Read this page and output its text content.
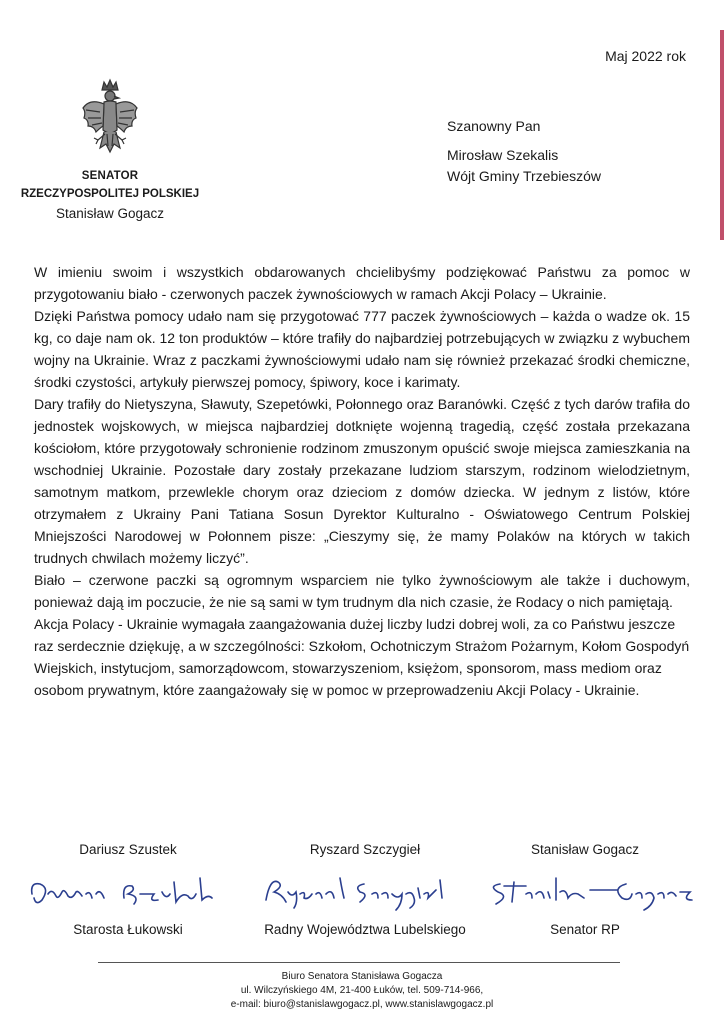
Maj 2022 rok
SENATOR
RZECZYPOSPOLITEJ POLSKIEJ
Stanisław Gogacz
Szanowny Pan
Mirosław Szekalis
Wójt Gminy Trzebieszów

W imieniu swoim i wszystkich obdarowanych chcielibyśmy podziękować Państwu za pomoc w przygotowaniu biało - czerwonych paczek żywnościowych w ramach Akcji Polacy – Ukrainie.

Dzięki Państwa pomocy udało nam się przygotować 777 paczek żywnościowych – każda o wadze ok. 15 kg, co daje nam ok. 12 ton produktów – które trafiły do najbardziej potrzebujących w związku z wybuchem wojny na Ukrainie. Wraz z paczkami żywnościowymi udało nam się również przekazać środki chemiczne, środki czystości, artykuły pierwszej pomocy, śpiwory, koce i karimaty.

Dary trafiły do Nietyszyna, Sławuty, Szepetówki, Połonnego oraz Baranówki. Część z tych darów trafiła do jednostek wojskowych, w miejsca najbardziej dotknięte wojenną tragedią, część została przekazana kościołom, które przygotowały schronienie rodzinom zmuszonym opuścić swoje miejsca zamieszkania na wschodniej Ukrainie. Pozostałe dary zostały przekazane ludziom starszym, rodzinom wielodzietnym, samotnym matkom, przewlekle chorym oraz dzieciom z domów dziecka. W jednym z listów, które otrzymałem z Ukrainy Pani Tatiana Sosun Dyrektor Kulturalno - Oświatowego Centrum Polskiej Mniejszości Narodowej w Połonnem pisze: „Cieszymy się, że mamy Polaków na których w takich trudnych chwilach możemy liczyć”.

Biało – czerwone paczki są ogromnym wsparciem nie tylko żywnościowym ale także i duchowym, ponieważ dają im poczucie, że nie są sami w tym trudnym dla nich czasie, że Rodacy o nich pamiętają.

Akcja Polacy - Ukrainie wymagała zaangażowania dużej liczby ludzi dobrej woli, za co Państwu jeszcze raz serdecznie dziękuję, a w szczególności: Szkołom, Ochotniczym Strażom Pożarnym, Kołom Gospodyń Wiejskich, instytucjom, samorządowcom, stowarzyszeniom, księżom, sponsorom, mass mediom oraz osobom prywatnym, które zaangażowały się w pomoc w przeprowadzeniu Akcji Polacy - Ukrainie.

Dariusz Szustek
Starosta Łukowski
Ryszard Szczygieł
Radny Województwa Lubelskiego
Stanisław Gogacz
Senator RP
Biuro Senatora Stanisława Gogacza
ul. Wilczyńskiego 4M, 21-400 Łuków, tel. 509-714-966,
e-mail: biuro@stanislawgogacz.pl, www.stanislawgogacz.pl
